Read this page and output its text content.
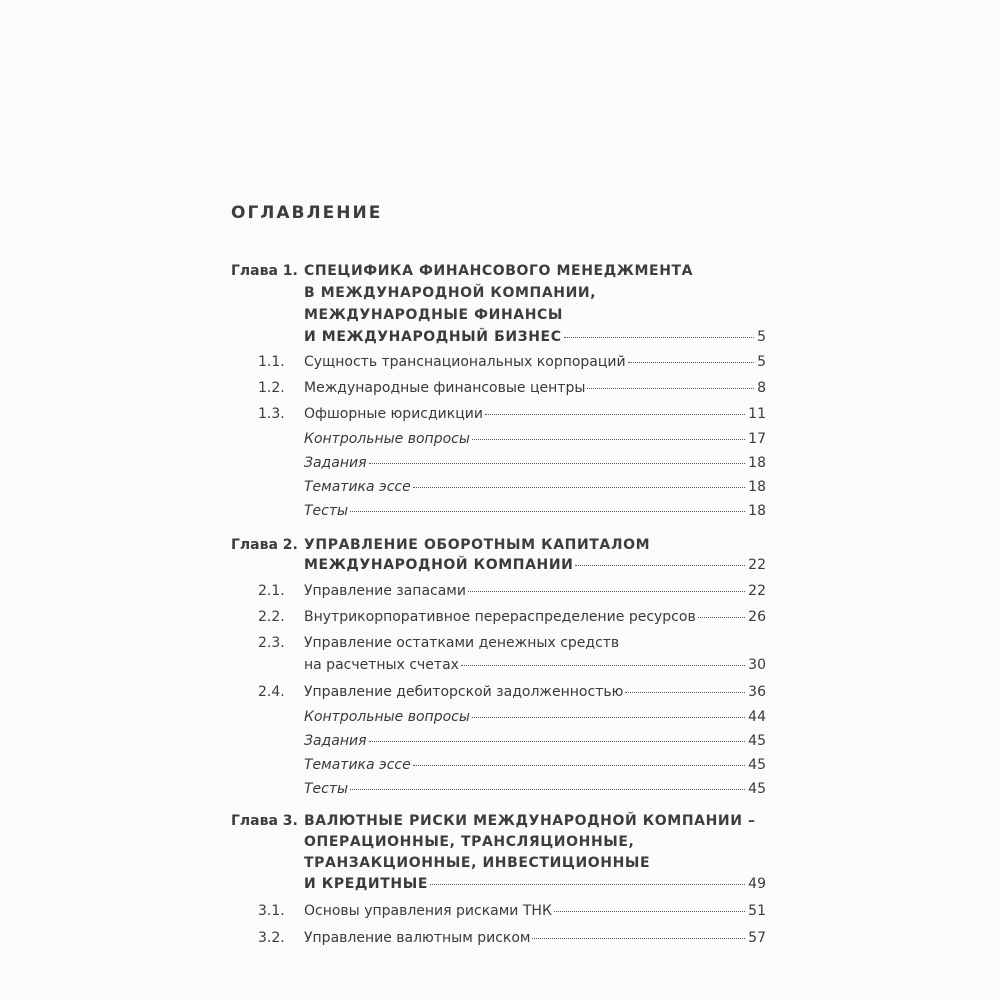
ОГЛАВЛЕНИЕ
Глава 1. СПЕЦИФИКА ФИНАНСОВОГО МЕНЕДЖМЕНТА
В МЕЖДУНАРОДНОЙ КОМПАНИИ,
МЕЖДУНАРОДНЫЕ ФИНАНСЫ
И МЕЖДУНАРОДНЫЙ БИЗНЕС	5
1.1. Сущность транснациональных корпораций	5
1.2. Международные финансовые центры	8
1.3. Офшорные юрисдикции	11
Контрольные вопросы	17
Задания	18
Тематика эссе	18
Тесты	18
Глава 2. УПРАВЛЕНИЕ ОБОРОТНЫМ КАПИТАЛОМ
МЕЖДУНАРОДНОЙ КОМПАНИИ	22
2.1. Управление запасами	22
2.2. Внутрикорпоративное перераспределение ресурсов	26
2.3. Управление остатками денежных средств
на расчетных счетах	30
2.4. Управление дебиторской задолженностью	36
Контрольные вопросы	44
Задания	45
Тематика эссе	45
Тесты	45
Глава 3. ВАЛЮТНЫЕ РИСКИ МЕЖДУНАРОДНОЙ КОМПАНИИ –
ОПЕРАЦИОННЫЕ, ТРАНСЛЯЦИОННЫЕ,
ТРАНЗАКЦИОННЫЕ, ИНВЕСТИЦИОННЫЕ
И КРЕДИТНЫЕ	49
3.1. Основы управления рисками ТНК	51
3.2. Управление валютным риском	57
